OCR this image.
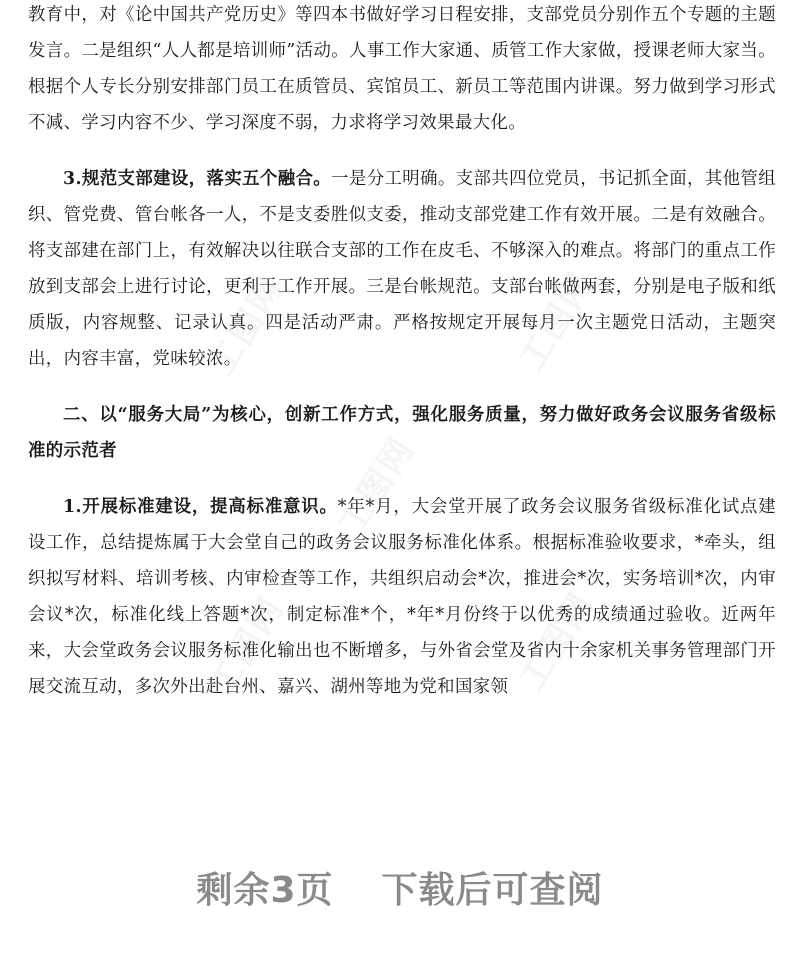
工图网	工图网
工图网
工图网	工图网

教育中，对《论中国共产党历史》等四本书做好学习日程安排，支部党员分别作五个专题的主题发言。二是组织“人人都是培训师”活动。人事工作大家通、质管工作大家做，授课老师大家当。根据个人专长分别安排部门员工在质管员、宾馆员工、新员工等范围内讲课。努力做到学习形式不减、学习内容不少、学习深度不弱，力求将学习效果最大化。

3.规范支部建设，落实五个融合。一是分工明确。支部共四位党员，书记抓全面，其他管组织、管党费、管台帐各一人，不是支委胜似支委，推动支部党建工作有效开展。二是有效融合。将支部建在部门上，有效解决以往联合支部的工作在皮毛、不够深入的难点。将部门的重点工作放到支部会上进行讨论，更利于工作开展。三是台帐规范。支部台帐做两套，分别是电子版和纸质版，内容规整、记录认真。四是活动严肃。严格按规定开展每月一次主题党日活动，主题突出，内容丰富，党味较浓。

二、以“服务大局”为核心，创新工作方式，强化服务质量，努力做好政务会议服务省级标准的示范者

1.开展标准建设，提高标准意识。*年*月，大会堂开展了政务会议服务省级标准化试点建设工作，总结提炼属于大会堂自己的政务会议服务标准化体系。根据标准验收要求，*牵头，组织拟写材料、培训考核、内审检查等工作，共组织启动会*次，推进会*次，实务培训*次，内审会议*次，标准化线上答题*次，制定标准*个，*年*月份终于以优秀的成绩通过验收。近两年来，大会堂政务会议服务标准化输出也不断增多，与外省会堂及省内十余家机关事务管理部门开展交流互动，多次外出赴台州、嘉兴、湖州等地为党和国家领

剩余3页 下载后可查阅
